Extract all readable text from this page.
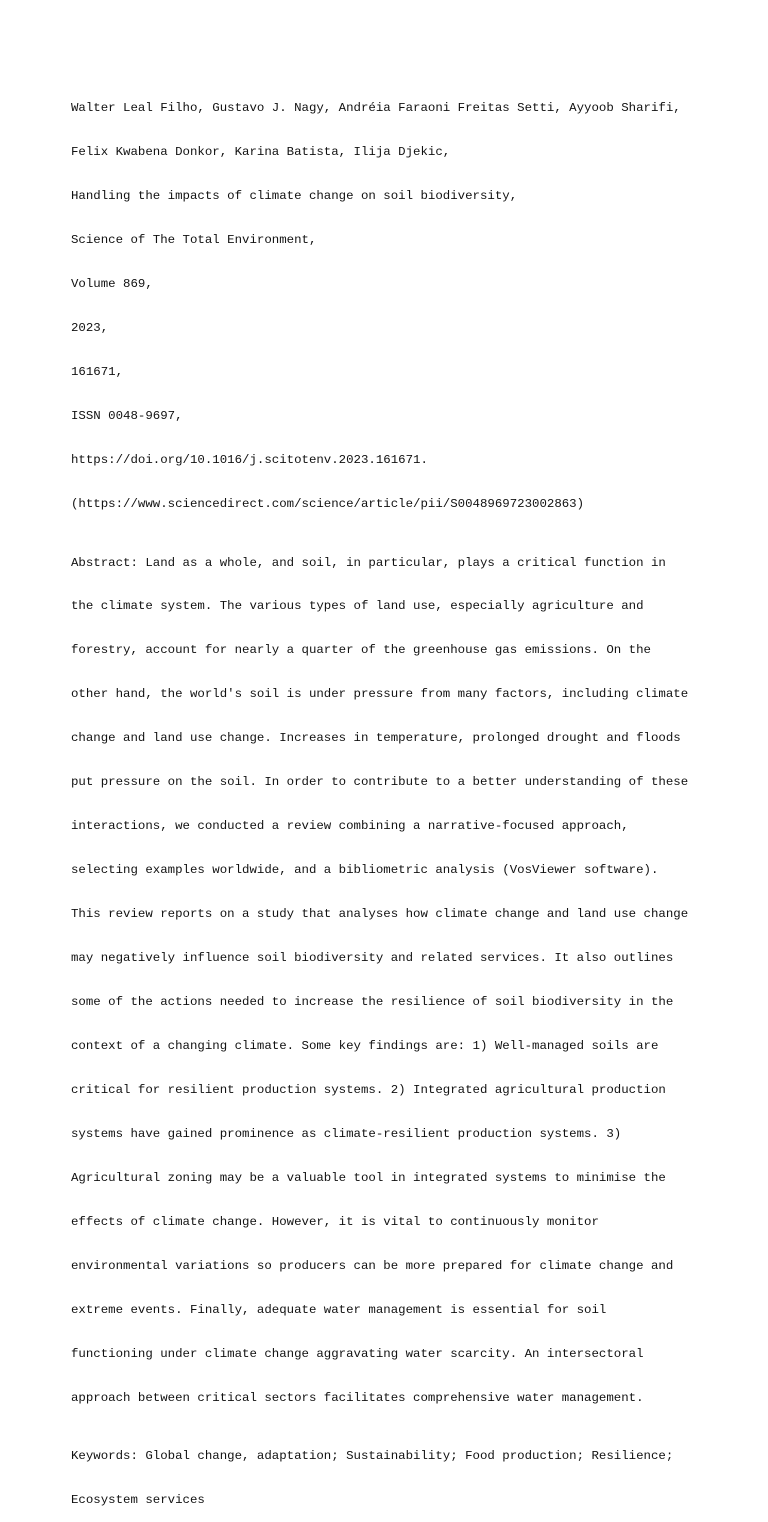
Walter Leal Filho, Gustavo J. Nagy, Andréia Faraoni Freitas Setti, Ayyoob Sharifi,

Felix Kwabena Donkor, Karina Batista, Ilija Djekic,

Handling the impacts of climate change on soil biodiversity,

Science of The Total Environment,

Volume 869,

2023,

161671,

ISSN 0048-9697,

https://doi.org/10.1016/j.scitotenv.2023.161671.

(https://www.sciencedirect.com/science/article/pii/S0048969723002863)

Abstract: Land as a whole, and soil, in particular, plays a critical function in

the climate system. The various types of land use, especially agriculture and

forestry, account for nearly a quarter of the greenhouse gas emissions. On the

other hand, the world's soil is under pressure from many factors, including climate

change and land use change. Increases in temperature, prolonged drought and floods

put pressure on the soil. In order to contribute to a better understanding of these

interactions, we conducted a review combining a narrative-focused approach,

selecting examples worldwide, and a bibliometric analysis (VosViewer software).

This review reports on a study that analyses how climate change and land use change

may negatively influence soil biodiversity and related services. It also outlines

some of the actions needed to increase the resilience of soil biodiversity in the

context of a changing climate. Some key findings are: 1) Well-managed soils are

critical for resilient production systems. 2) Integrated agricultural production

systems have gained prominence as climate-resilient production systems. 3)

Agricultural zoning may be a valuable tool in integrated systems to minimise the

effects of climate change. However, it is vital to continuously monitor

environmental variations so producers can be more prepared for climate change and

extreme events. Finally, adequate water management is essential for soil

functioning under climate change aggravating water scarcity. An intersectoral

approach between critical sectors facilitates comprehensive water management.

Keywords: Global change, adaptation; Sustainability; Food production; Resilience;

Ecosystem services
